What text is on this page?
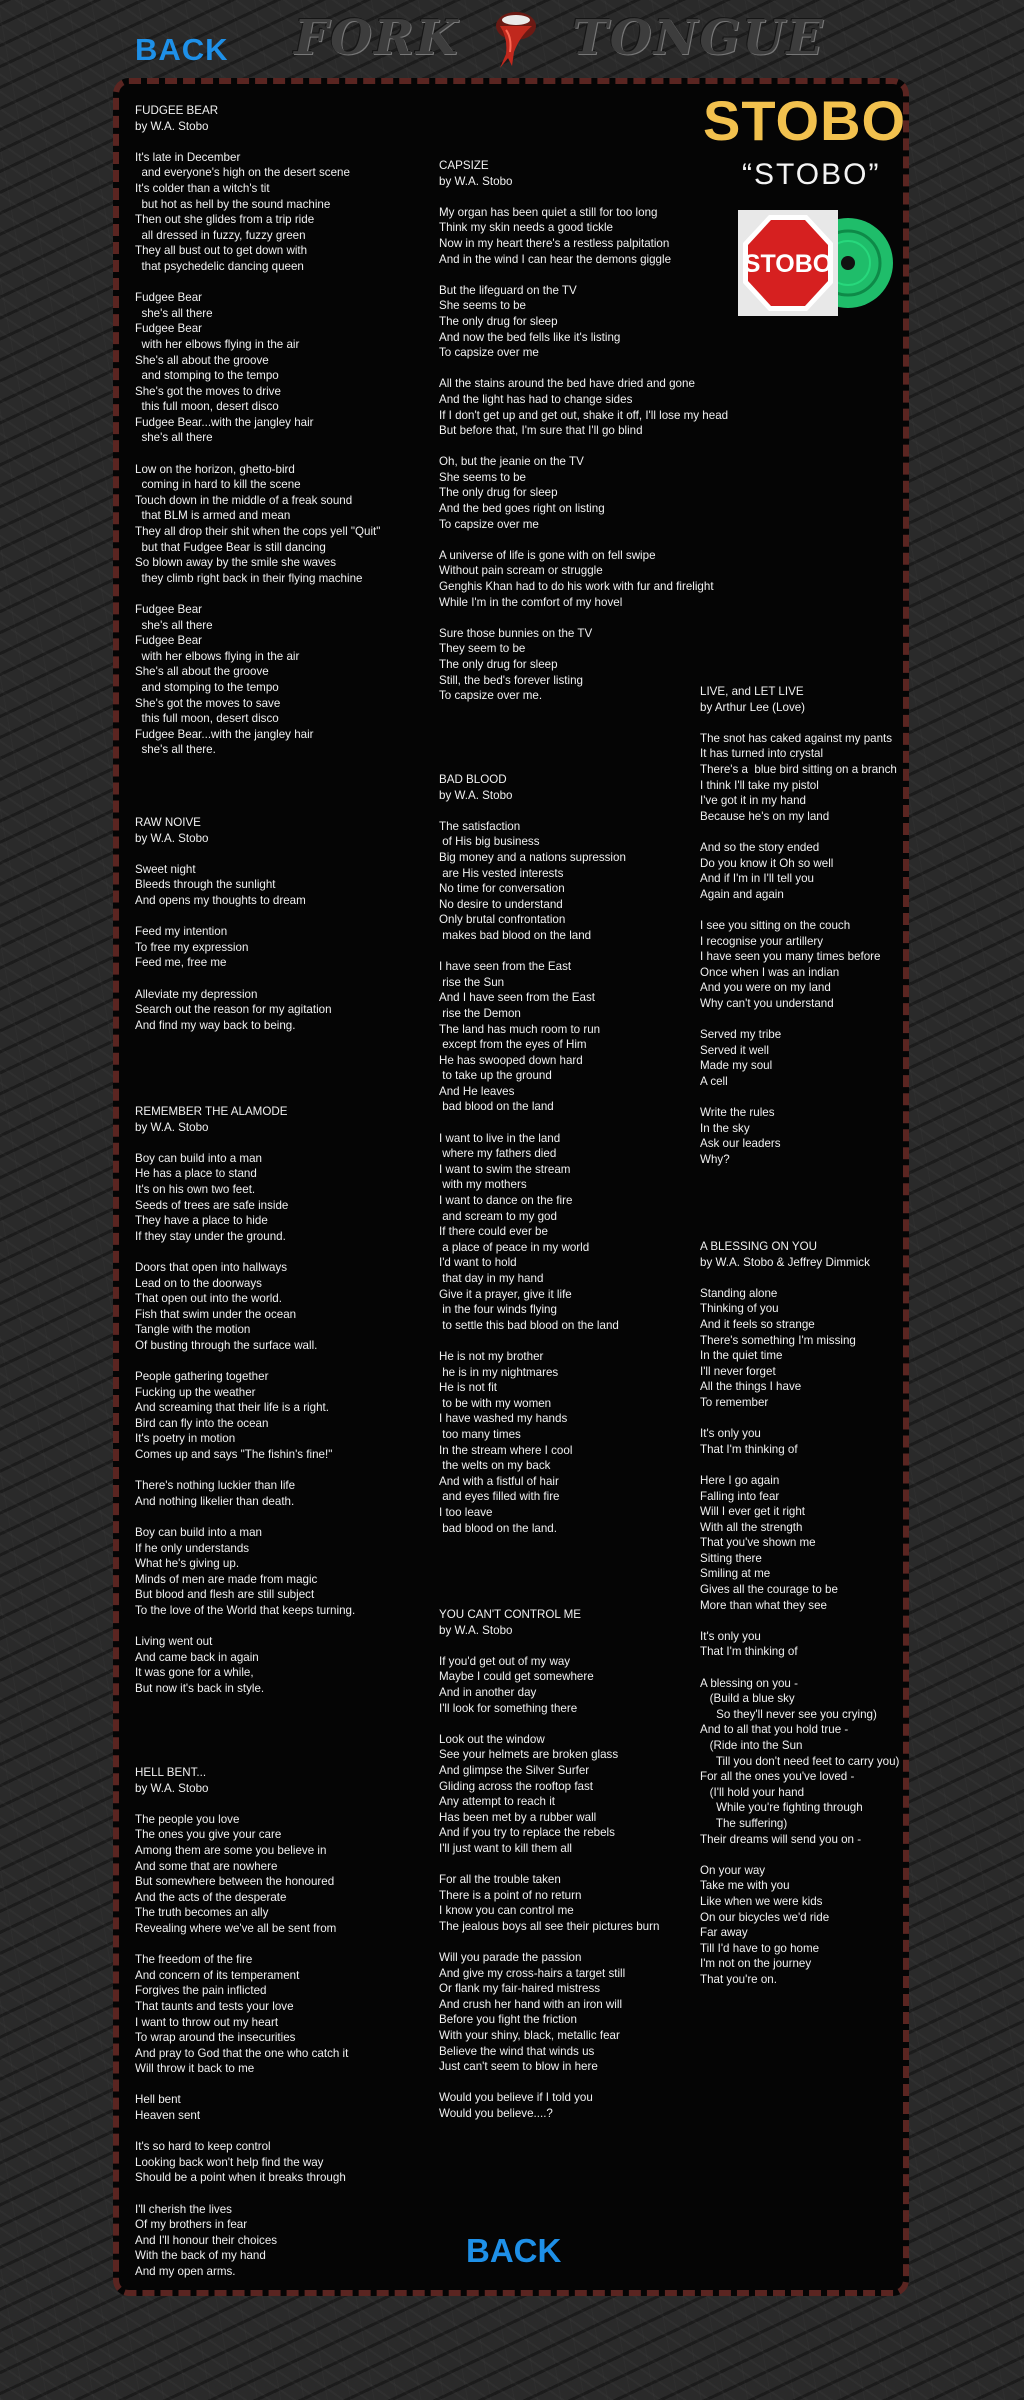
BACK FORK TONGUE
FUDGEE BEAR
by W.A. Stobo

It's late in December
and everyone's high on the desert scene
It's colder than a witch's tit
but hot as hell by the sound machine
Then out she glides from a trip ride
all dressed in fuzzy, fuzzy green
They all bust out to get down with
that psychedelic dancing queen

Fudgee Bear
she's all there
Fudgee Bear
with her elbows flying in the air
She's all about the groove
and stomping to the tempo
She's got the moves to drive
this full moon, desert disco
Fudgee Bear...with the jangley hair
she's all there

Low on the horizon, ghetto-bird
coming in hard to kill the scene
Touch down in the middle of a freak sound
that BLM is armed and mean
They all drop their shit when the cops yell "Quit"
but that Fudgee Bear is still dancing
So blown away by the smile she waves
they climb right back in their flying machine

Fudgee Bear
she's all there
Fudgee Bear
with her elbows flying in the air
She's all about the groove
and stomping to the tempo
She's got the moves to save
this full moon, desert disco
Fudgee Bear...with the jangley hair
she's all there.
RAW NOIVE
by W.A. Stobo

Sweet night
Bleeds through the sunlight
And opens my thoughts to dream

Feed my intention
To free my expression
Feed me, free me

Alleviate my depression
Search out the reason for my agitation
And find my way back to being.
REMEMBER THE ALAMODE
by W.A. Stobo

Boy can build into a man
He has a place to stand
It's on his own two feet.
Seeds of trees are safe inside
They have a place to hide
If they stay under the ground.

Doors that open into hallways
Lead on to the doorways
That open out into the world.
Fish that swim under the ocean
Tangle with the motion
Of busting through the surface wall.

People gathering together
Fucking up the weather
And screaming that their life is a right.
Bird can fly into the ocean
It's poetry in motion
Comes up and says "The fishin's fine!"

There's nothing luckier than life
And nothing likelier than death.

Boy can build into a man
If he only understands
What he's giving up.
Minds of men are made from magic
But blood and flesh are still subject
To the love of the World that keeps turning.

Living went out
And came back in again
It was gone for a while,
But now it's back in style.
HELL BENT...
by W.A. Stobo

The people you love
The ones you give your care
Among them are some you believe in
And some that are nowhere
But somewhere between the honoured
And the acts of the desperate
The truth becomes an ally
Revealing where we've all be sent from

The freedom of the fire
And concern of its temperament
Forgives the pain inflicted
That taunts and tests your love
I want to throw out my heart
To wrap around the insecurities
And pray to God that the one who catch it
Will throw it back to me

Hell bent
Heaven sent

It's so hard to keep control
Looking back won't help find the way
Should be a point when it breaks through

I'll cherish the lives
Of my brothers in fear
And I'll honour their choices
With the back of my hand
And my open arms.
CAPSIZE
by W.A. Stobo

My organ has been quiet a still for too long
Think my skin needs a good tickle
Now in my heart there's a restless palpitation
And in the wind I can hear the demons giggle

But the lifeguard on the TV
She seems to be
The only drug for sleep
And now the bed fells like it's listing
To capsize over me

All the stains around the bed have dried and gone
And the light has had to change sides
If I don't get up and get out, shake it off, I'll lose my head
But before that, I'm sure that I'll go blind

Oh, but the jeanie on the TV
She seems to be
The only drug for sleep
And the bed goes right on listing
To capsize over me

A universe of life is gone with on fell swipe
Without pain scream or struggle
Genghis Khan had to do his work with fur and firelight
While I'm in the comfort of my hovel

Sure those bunnies on the TV
They seem to be
The only drug for sleep
Still, the bed's forever listing
To capsize over me.
BAD BLOOD
by W.A. Stobo

The satisfaction
of His big business
Big money and a nations supression
are His vested interests
No time for conversation
No desire to understand
Only brutal confrontation
makes bad blood on the land

I have seen from the East
rise the Sun
And I have seen from the East
rise the Demon
The land has much room to run
except from the eyes of Him
He has swooped down hard
to take up the ground
And He leaves
bad blood on the land

I want to live in the land
where my fathers died
I want to swim the stream
with my mothers
I want to dance on the fire
and scream to my god
If there could ever be
a place of peace in my world
I'd want to hold
that day in my hand
Give it a prayer, give it life
in the four winds flying
to settle this bad blood on the land

He is not my brother
he is in my nightmares
He is not fit
to be with my women
I have washed my hands
too many times
In the stream where I cool
the welts on my back
And with a fistful of hair
and eyes filled with fire
I too leave
bad blood on the land.
YOU CAN'T CONTROL ME
by W.A. Stobo

If you'd get out of my way
Maybe I could get somewhere
And in another day
I'll look for something there

Look out the window
See your helmets are broken glass
And glimpse the Silver Surfer
Gliding across the rooftop fast
Any attempt to reach it
Has been met by a rubber wall
And if you try to replace the rebels
I'll just want to kill them all

For all the trouble taken
There is a point of no return
I know you can control me
The jealous boys all see their pictures burn

Will you parade the passion
And give my cross-hairs a target still
Or flank my fair-haired mistress
And crush her hand with an iron will
Before you fight the friction
With your shiny, black, metallic fear
Believe the wind that winds us
Just can't seem to blow in here

Would you believe if I told you
Would you believe....?
LIVE, and LET LIVE
by Arthur Lee (Love)

The snot has caked against my pants
It has turned into crystal
There's a  blue bird sitting on a branch
I think I'll take my pistol
I've got it in my hand
Because he's on my land

And so the story ended
Do you know it Oh so well
And if I'm in I'll tell you
Again and again

I see you sitting on the couch
I recognise your artillery
I have seen you many times before
Once when I was an indian
And you were on my land
Why can't you understand

Served my tribe
Served it well
Made my soul
A cell

Write the rules
In the sky
Ask our leaders
Why?
A BLESSING ON YOU
by W.A. Stobo & Jeffrey Dimmick

Standing alone
Thinking of you
And it feels so strange
There's something I'm missing
In the quiet time
I'll never forget
All the things I have
To remember

It's only you
That I'm thinking of

Here I go again
Falling into fear
Will I ever get it right
With all the strength
That you've shown me
Sitting there
Smiling at me
Gives all the courage to be
More than what they see

It's only you
That I'm thinking of

A blessing on you -
(Build a blue sky
So they'll never see you crying)
And to all that you hold true -
(Ride into the Sun
Till you don't need feet to carry you)
For all the ones you've loved -
(I'll hold your hand
While you're fighting through
The suffering)
Their dreams will send you on -

On your way
Take me with you
Like when we were kids
On our bicycles we'd ride
Far away
Till I'd have to go home
I'm not on the journey
That you're on.
STOBO
“STOBO”
STOBO
BACK
